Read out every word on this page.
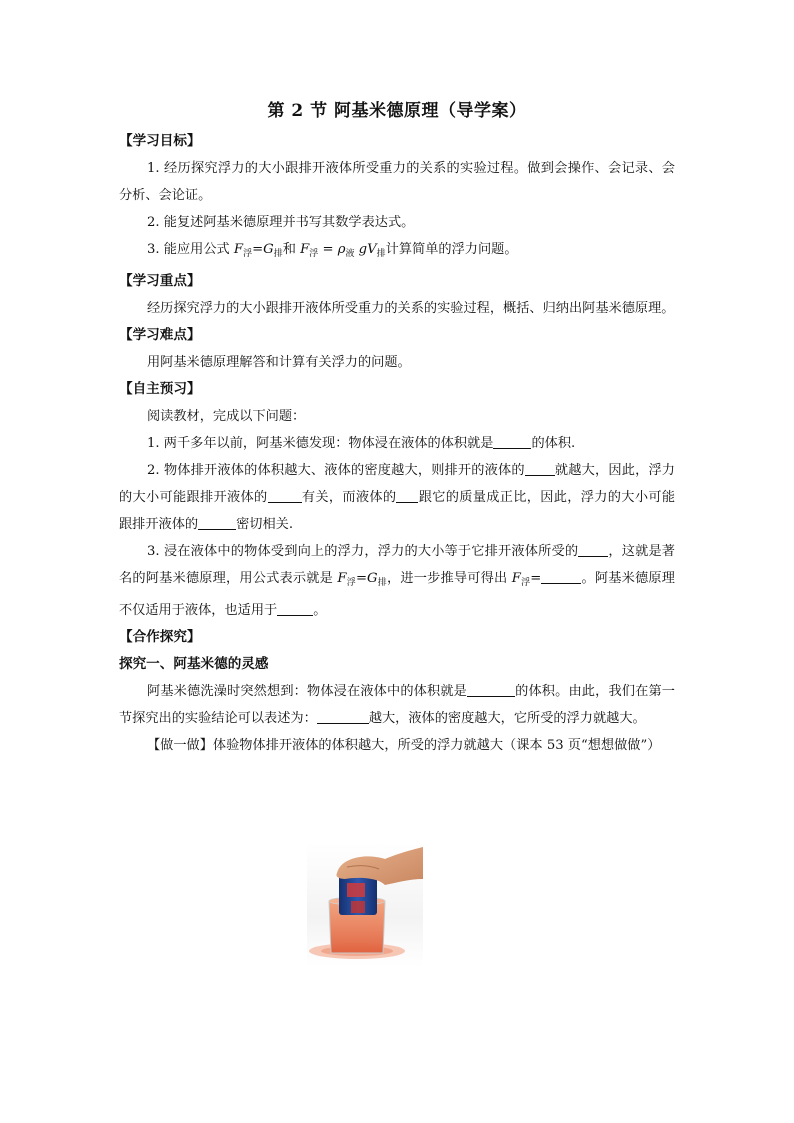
第 2 节 阿基米德原理（导学案）

【学习目标】

1. 经历探究浮力的大小跟排开液体所受重力的关系的实验过程。做到会操作、会记录、会分析、会论证。

2. 能复述阿基米德原理并书写其数学表达式。

3. 能应用公式 $F_浮=G_排$和 $F_浮 = \rho_液$ $gV_排$计算简单的浮力问题。

【学习重点】

经历探究浮力的大小跟排开液体所受重力的关系的实验过程，概括、归纳出阿基米德原理。

【学习难点】

用阿基米德原理解答和计算有关浮力的问题。

【自主预习】

阅读教材，完成以下问题：

1. 两千多年以前，阿基米德发现：物体浸在液体的体积就是	的体积.

2. 物体排开液体的体积越大、液体的密度越大，则排开的液体的 就越大，因此，浮力的大小可能跟排开液体的	有关，而液体的 跟它的质量成正比，因此，浮力的大小可能跟排开液体的	密切相关.

3. 浸在液体中的物体受到向上的浮力，浮力的大小等于它排开液体所受的 ，这就是著名的阿基米德原理，用公式表示就是 $F_浮=G_排$，进一步推导可得出 $F_浮=$	。阿基米德原理不仅适用于液体，也适用于	。

【合作探究】

探究一、阿基米德的灵感

阿基米德洗澡时突然想到：物体浸在液体中的体积就是	的体积。由此，我们在第一节探究出的实验结论可以表述为：	越大，液体的密度越大，它所受的浮力就越大。

【做一做】体验物体排开液体的体积越大，所受的浮力就越大（课本 53 页“想想做做”）
